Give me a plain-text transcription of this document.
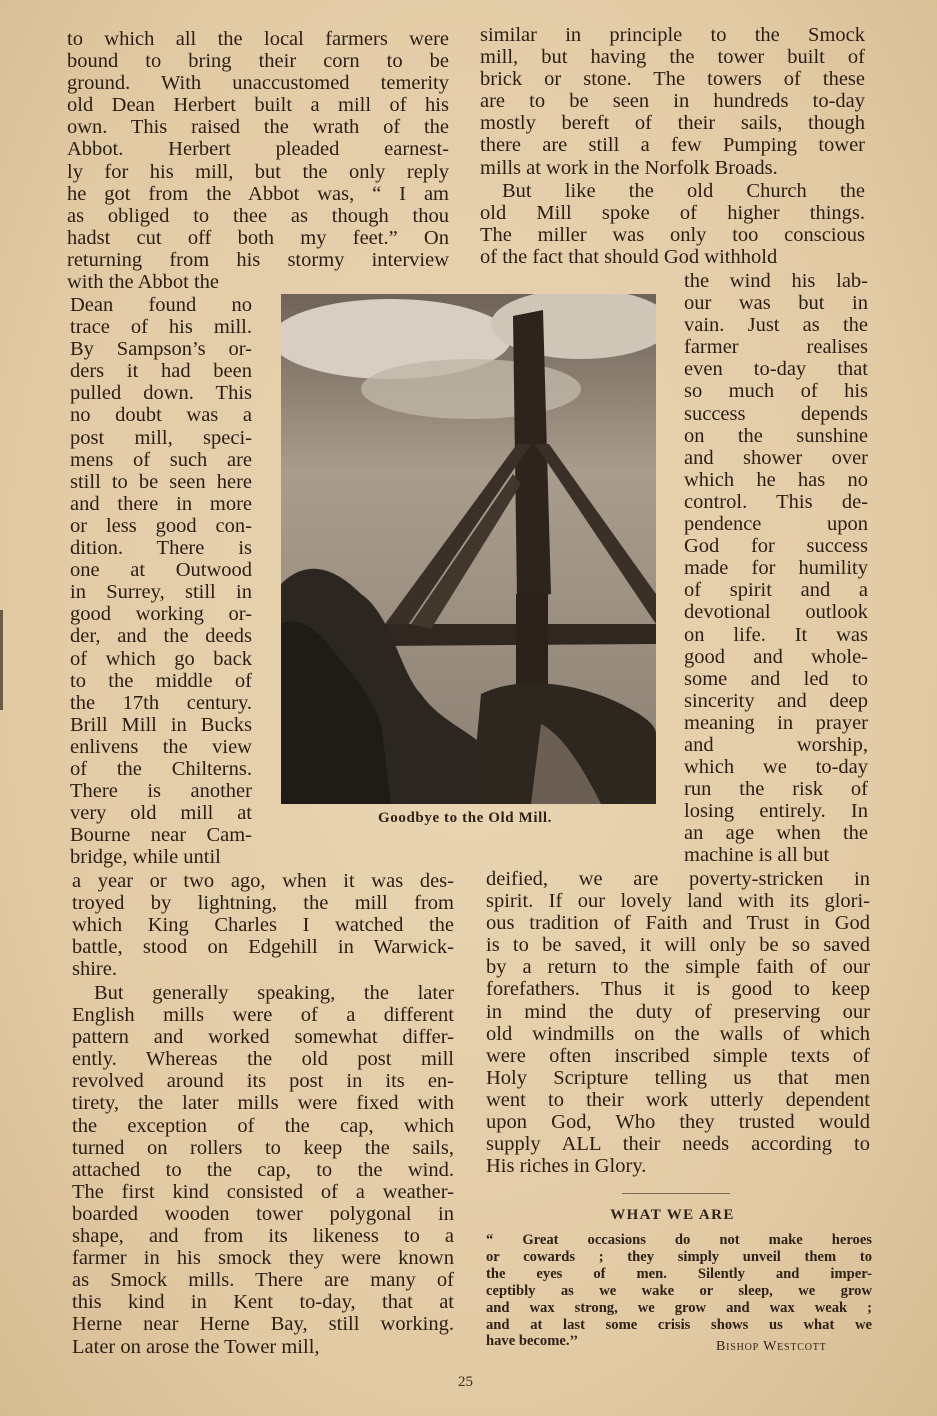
to which all the local farmers were
bound to bring their corn to be
ground. With unaccustomed temerity
old Dean Herbert built a mill of his
own. This raised the wrath of the
Abbot. Herbert pleaded earnest-
ly for his mill, but the only reply
he got from the Abbot was, “ I am
as obliged to thee as though thou
hadst cut off both my feet.” On
returning from his stormy interview
with the Abbot the
Dean found no
trace of his mill.
By Sampson’s or-
ders it had been
pulled down. This
no doubt was a
post mill, speci-
mens of such are
still to be seen here
and there in more
or less good con-
dition. There is
one at Outwood
in Surrey, still in
good working or-
der, and the deeds
of which go back
to the middle of
the 17th century.
Brill Mill in Bucks
enlivens the view
of the Chilterns.
There is another
very old mill at
Bourne near Cam-
bridge, while until
a year or two ago, when it was des-
troyed by lightning, the mill from
which King Charles I watched the
battle, stood on Edgehill in Warwick-
shire.
But generally speaking, the later
English mills were of a different
pattern and worked somewhat differ-
ently. Whereas the old post mill
revolved around its post in its en-
tirety, the later mills were fixed with
the exception of the cap, which
turned on rollers to keep the sails,
attached to the cap, to the wind.
The first kind consisted of a weather-
boarded wooden tower polygonal in
shape, and from its likeness to a
farmer in his smock they were known
as Smock mills. There are many of
this kind in Kent to-day, that at
Herne near Herne Bay, still working.
Later on arose the Tower mill,
similar in principle to the Smock
mill, but having the tower built of
brick or stone. The towers of these
are to be seen in hundreds to-day
mostly bereft of their sails, though
there are still a few Pumping tower
mills at work in the Norfolk Broads.
But like the old Church the
old Mill spoke of higher things.
The miller was only too conscious
of the fact that should God withhold
the wind his lab-
our was but in
vain. Just as the
farmer realises
even to-day that
so much of his
success depends
on the sunshine
and shower over
which he has no
control. This de-
pendence upon
God for success
made for humility
of spirit and a
devotional outlook
on life. It was
good and whole-
some and led to
sincerity and deep
meaning in prayer
and worship,
which we to-day
run the risk of
losing entirely. In
an age when the
machine is all but
deified, we are poverty-stricken in
spirit. If our lovely land with its glori-
ous tradition of Faith and Trust in God
is to be saved, it will only be so saved
by a return to the simple faith of our
forefathers. Thus it is good to keep
in mind the duty of preserving our
old windmills on the walls of which
were often inscribed simple texts of
Holy Scripture telling us that men
went to their work utterly dependent
upon God, Who they trusted would
supply ALL their needs according to
His riches in Glory.
Goodbye to the Old Mill.
WHAT WE ARE
“ Great occasions do not make heroes
or cowards ; they simply unveil them to
the eyes of men. Silently and imper-
ceptibly as we wake or sleep, we grow
and wax strong, we grow and wax weak ;
and at last some crisis shows us what we
have become.’’	Bishop Westcott
25
